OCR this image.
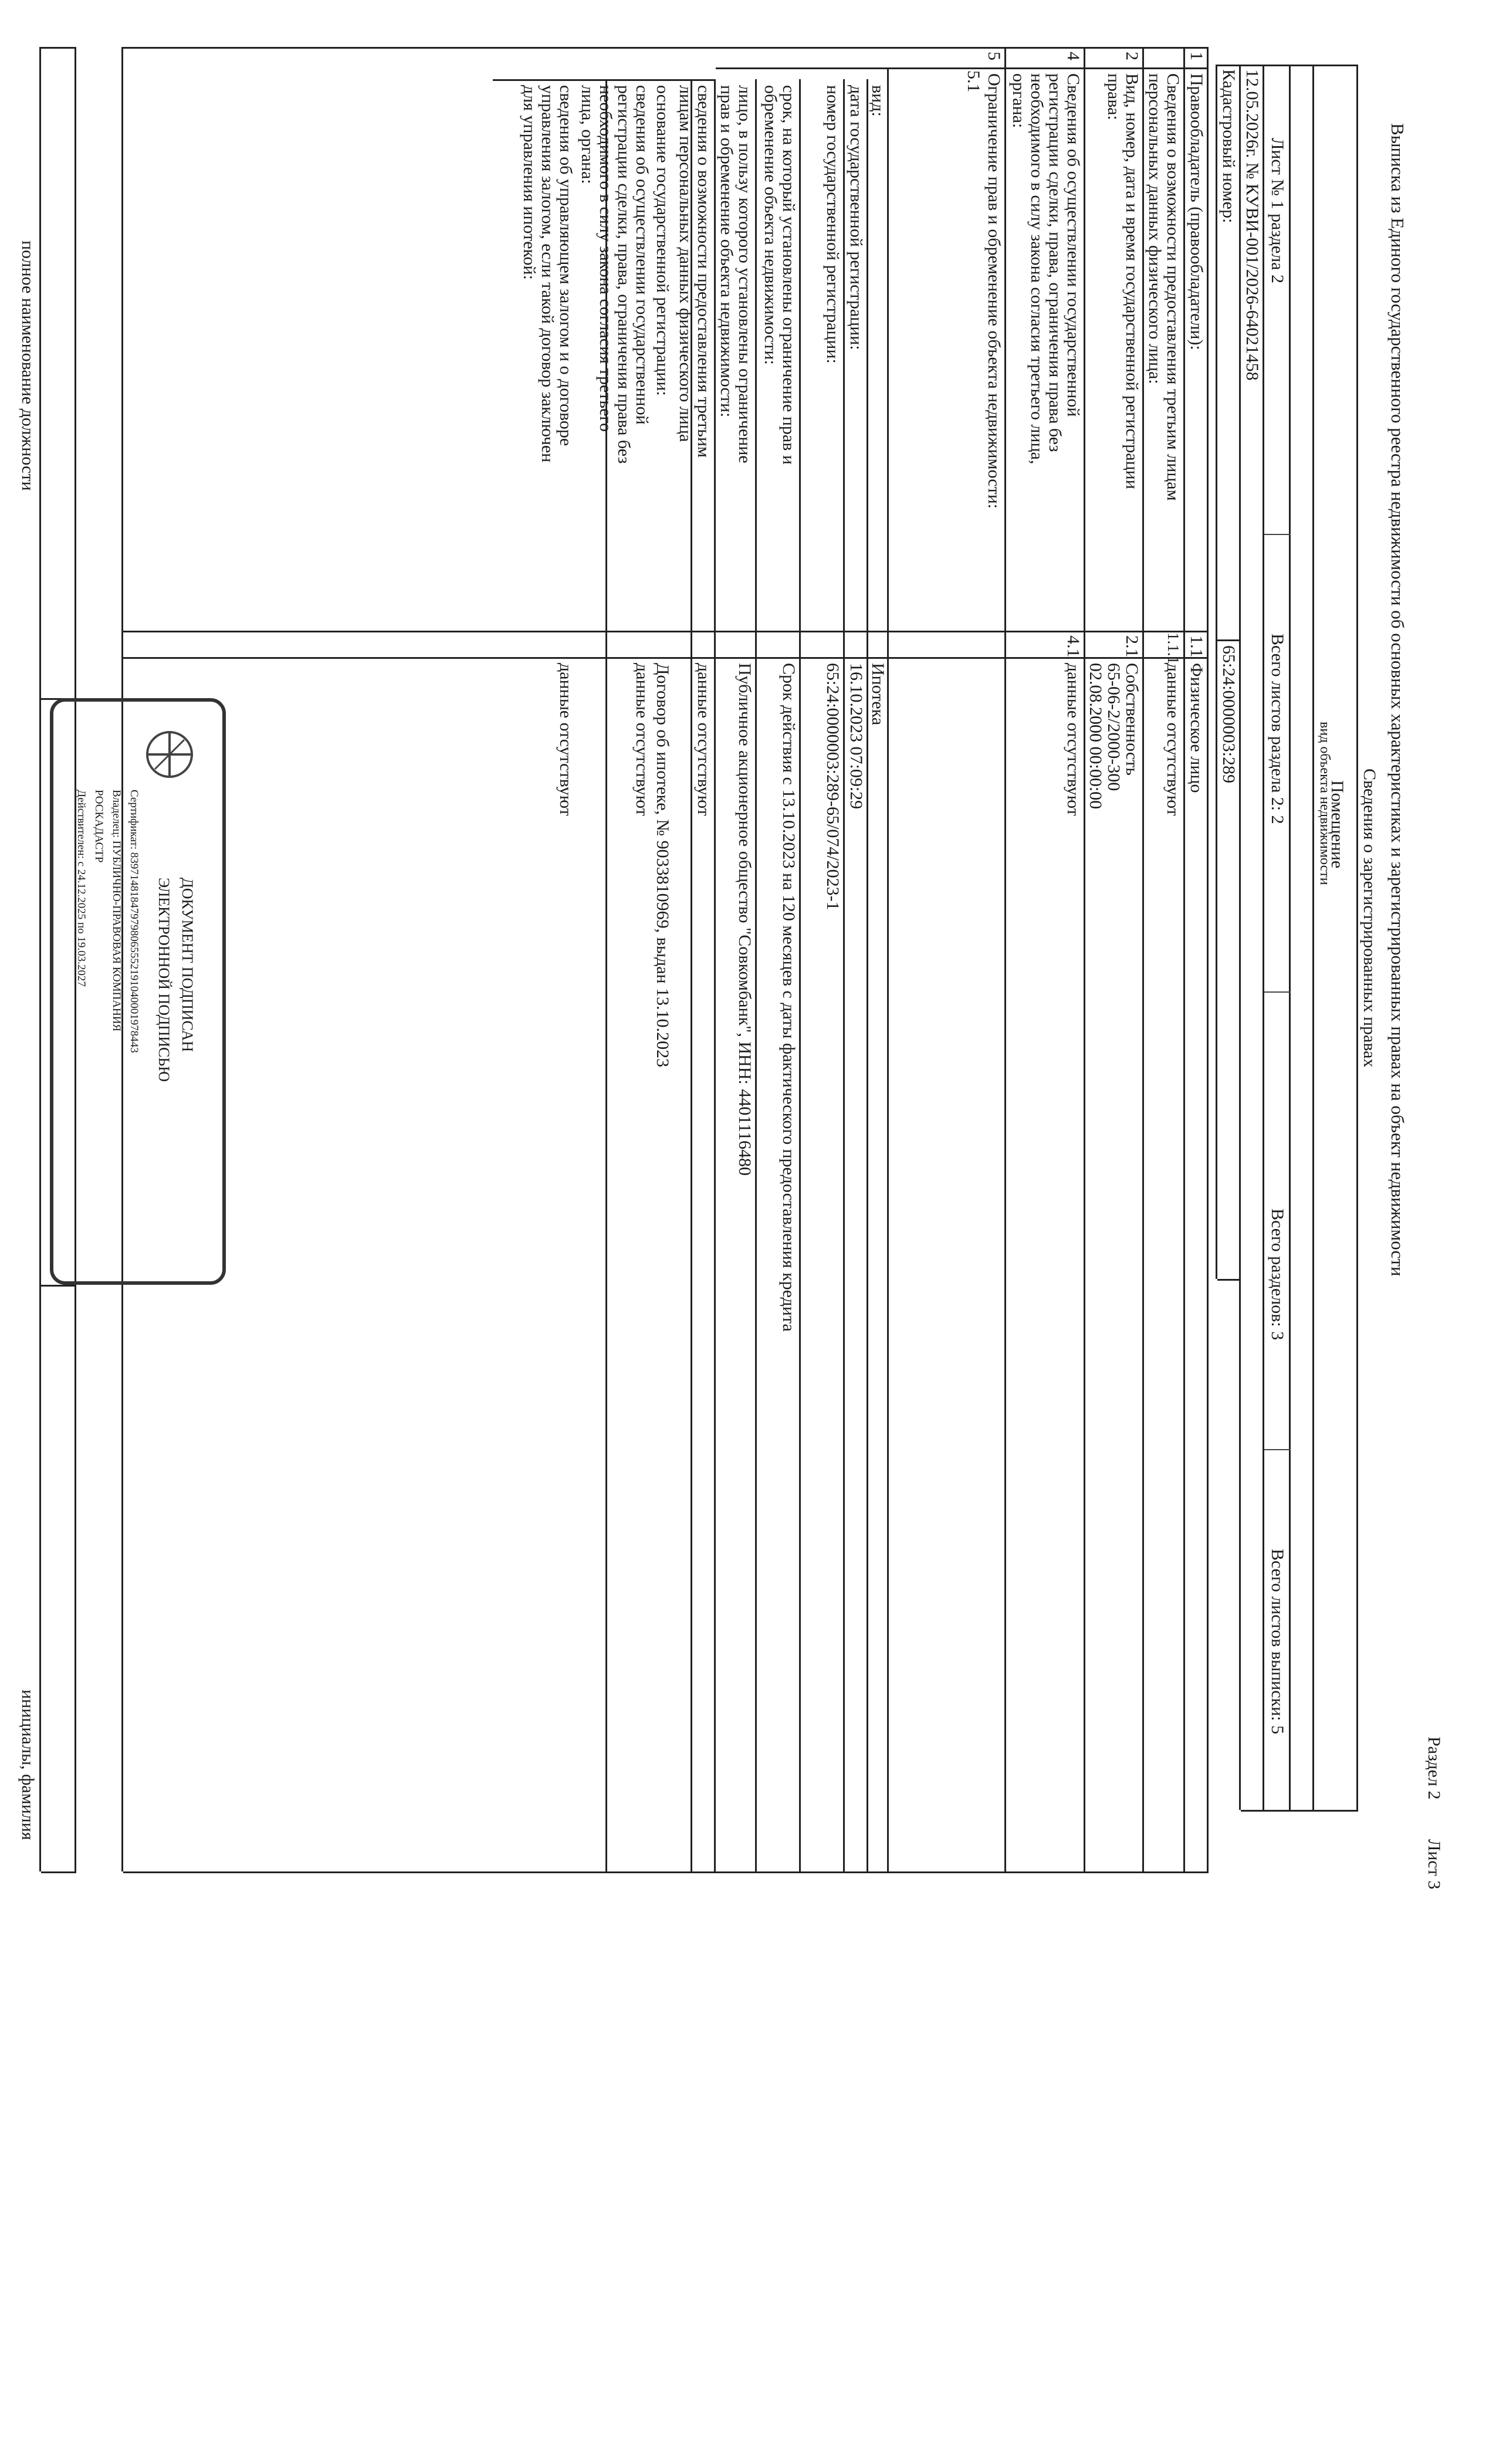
Раздел 2
Лист 3
Выписка из Единого государственного реестра недвижимости об основных характеристиках и зарегистрированных правах на объект недвижимости
Сведения о зарегистрированных правах
Помещение
вид объекта недвижимости
Лист № 1 раздела 2
Всего листов раздела 2: 2
Всего разделов: 3
Всего листов выписки: 5
12.05.2026г. № КУВИ-001/2026-64021458
Кадастровый номер:
65:24:0000003:289
1
Правообладатель (правообладатели):
1.1
Физическое лицо
Сведения о возможности предоставления третьим лицам
персональных данных физического лица:
1.1.1
данные отсутствуют
2
Вид, номер, дата и время государственной регистрации
права:
2.1
Собственность
65-06-2/2000-300
02.08.2000 00:00:00
4
Сведения об осуществлении государственной
регистрации сделки, права, ограничения права без
необходимого в силу закона согласия третьего лица,
органа:
4.1
данные отсутствуют
5
Ограничение прав и обременение объекта недвижимости:
5.1
вид:
Ипотека
дата государственной регистрации:
16.10.2023 07:09:29
номер государственной регистрации:
65:24:0000003:289-65/074/2023-1
срок, на который установлены ограничение прав и
обременение объекта недвижимости:
Срок действия с 13.10.2023 на 120 месяцев с даты фактического предоставления кредита
лицо, в пользу которого установлены ограничение
прав и обременение объекта недвижимости:
Публичное акционерное общество "Совкомбанк", ИНН: 4401116480
сведения о возможности предоставления третьим
лицам персональных данных физического лица
данные отсутствуют
основание государственной регистрации:
Договор об ипотеке, № 9033810969, выдан 13.10.2023
сведения об осуществлении государственной
регистрации сделки, права, ограничения права без
необходимого в силу закона согласия третьего
лица, органа:
данные отсутствуют
сведения об управляющем залогом и о договоре
управления залогом, если такой договор заключен
для управления ипотекой:
данные отсутствуют
полное наименование должности
инициалы, фамилия
ДОКУМЕНТ ПОДПИСАН
ЭЛЕКТРОННОЙ ПОДПИСЬЮ
Сертификат: 839714818479798065552191040001978443
Владелец: ПУБЛИЧНО-ПРАВОВАЯ КОМПАНИЯ
РОСКАДАСТР
Действителен: с 24.12.2025 по 19.03.2027
